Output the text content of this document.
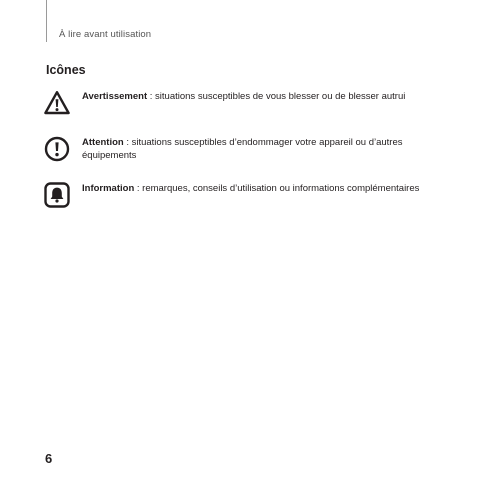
À lire avant utilisation
Icônes
Avertissement : situations susceptibles de vous blesser ou de blesser autrui
Attention : situations susceptibles d’endommager votre appareil ou d’autres équipements
Information : remarques, conseils d’utilisation ou informations complémentaires
6
